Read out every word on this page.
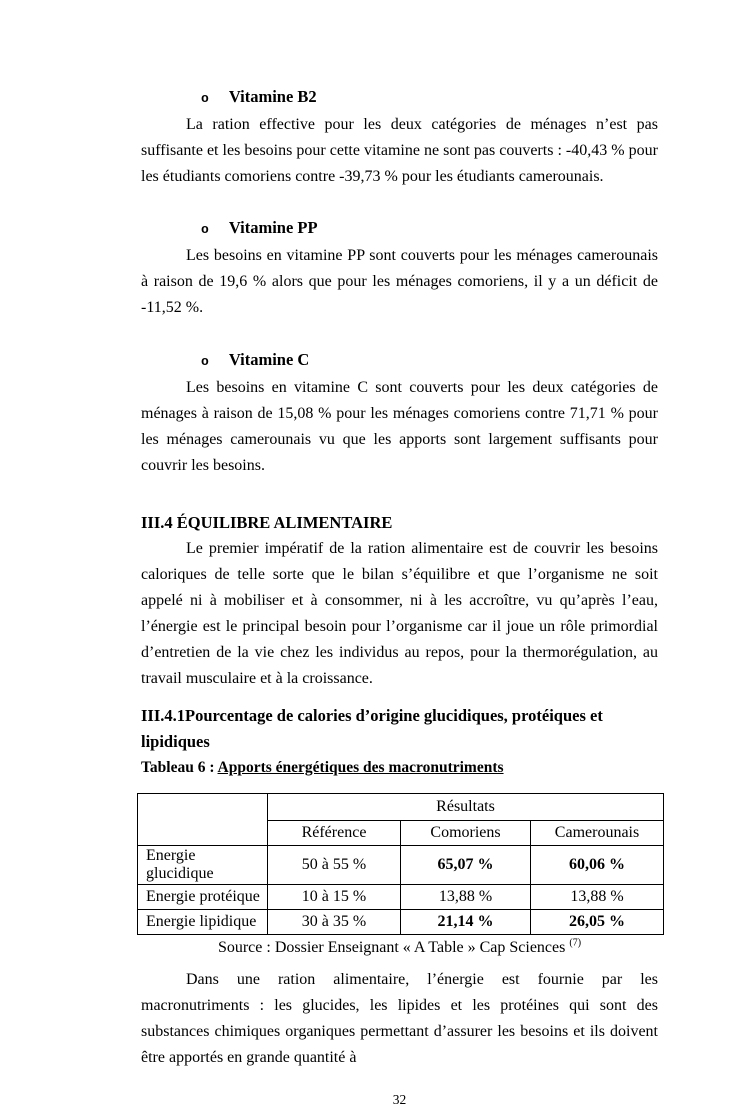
o Vitamine B2

La ration effective pour les deux catégories de ménages n’est pas suffisante et les besoins pour cette vitamine ne sont pas couverts : -40,43 % pour les étudiants comoriens contre -39,73 % pour les étudiants camerounais.

o Vitamine PP

Les besoins en vitamine PP sont couverts pour les ménages camerounais à raison de 19,6 % alors que pour les ménages comoriens, il y a un déficit de -11,52 %.

o Vitamine C

Les besoins en vitamine C sont couverts pour les deux catégories de ménages à raison de 15,08 % pour les ménages comoriens contre 71,71 % pour les ménages camerounais vu que les apports sont largement suffisants pour couvrir les besoins.

III.4 ÉQUILIBRE ALIMENTAIRE

Le premier impératif de la ration alimentaire est de couvrir les besoins caloriques de telle sorte que le bilan s’équilibre et que l’organisme ne soit appelé ni à mobiliser et à consommer, ni à les accroître, vu qu’après l’eau, l’énergie est le principal besoin pour l’organisme car il joue un rôle primordial d’entretien de la vie chez les individus au repos, pour la thermorégulation, au travail musculaire et à la croissance.

III.4.1Pourcentage de calories d’origine glucidiques, protéiques et lipidiques
Tableau 6 : Apports énergétiques des macronutriments
	Résultats		
	Référence	Comoriens	Camerounais
Energie glucidique	50 à 55 %	65,07 %	60,06 %
Energie protéique	10 à 15 %	13,88 %	13,88 %
Energie lipidique	30 à 35 %	21,14 %	26,05 %
Source : Dossier Enseignant « A Table » Cap Sciences $^{(7)}$

Dans une ration alimentaire, l’énergie est fournie par les macronutriments : les glucides, les lipides et les protéines qui sont des substances chimiques organiques permettant d’assurer les besoins et ils doivent être apportés en grande quantité à

32
